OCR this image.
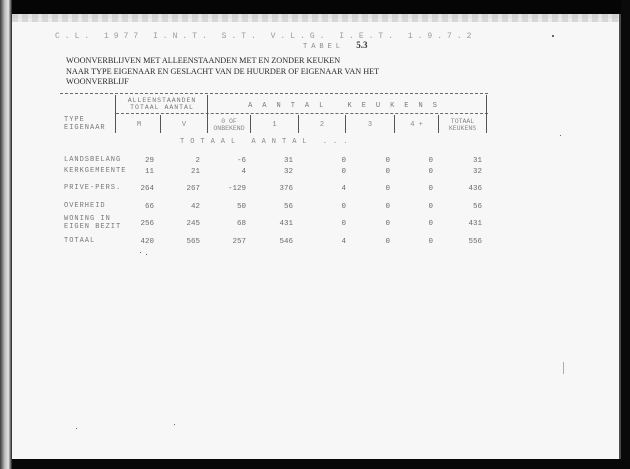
C.L. 1977 I.N.T. S.T. V.L.G. I.E.T. 1.9.7.2
TABEL 5.3
WOONVERBLIJVEN MET ALLEENSTAANDEN MET EN ZONDER KEUKEN
NAAR TYPE EIGENAAR EN GESLACHT VAN DE HUURDER OF EIGENAAR VAN HET
WOONVERBLIJF
ALLEENSTAANDEN
TOTAAL AANTAL	AANTAL KEUKENS
TYPE
EIGENAAR	M	V	0 OF ONBEKEND	1	2	3	4 +	TOTAAL KEUKENS
TOTAAL AANTAL ...
LANDSBELANG	29	2	-6	31	0	0	0	31
KERKGEMEENTE	11	21	4	32	0	0	0	32
PRIVE-PERS.	264	267	-129	376	4	0	0	436
OVERHEID	66	42	50	56	0	0	0	56
WONING IN
EIGEN BEZIT	256	245	68	431	0	0	0	431
TOTAAL	420	565	257	546	4	0	0	556
